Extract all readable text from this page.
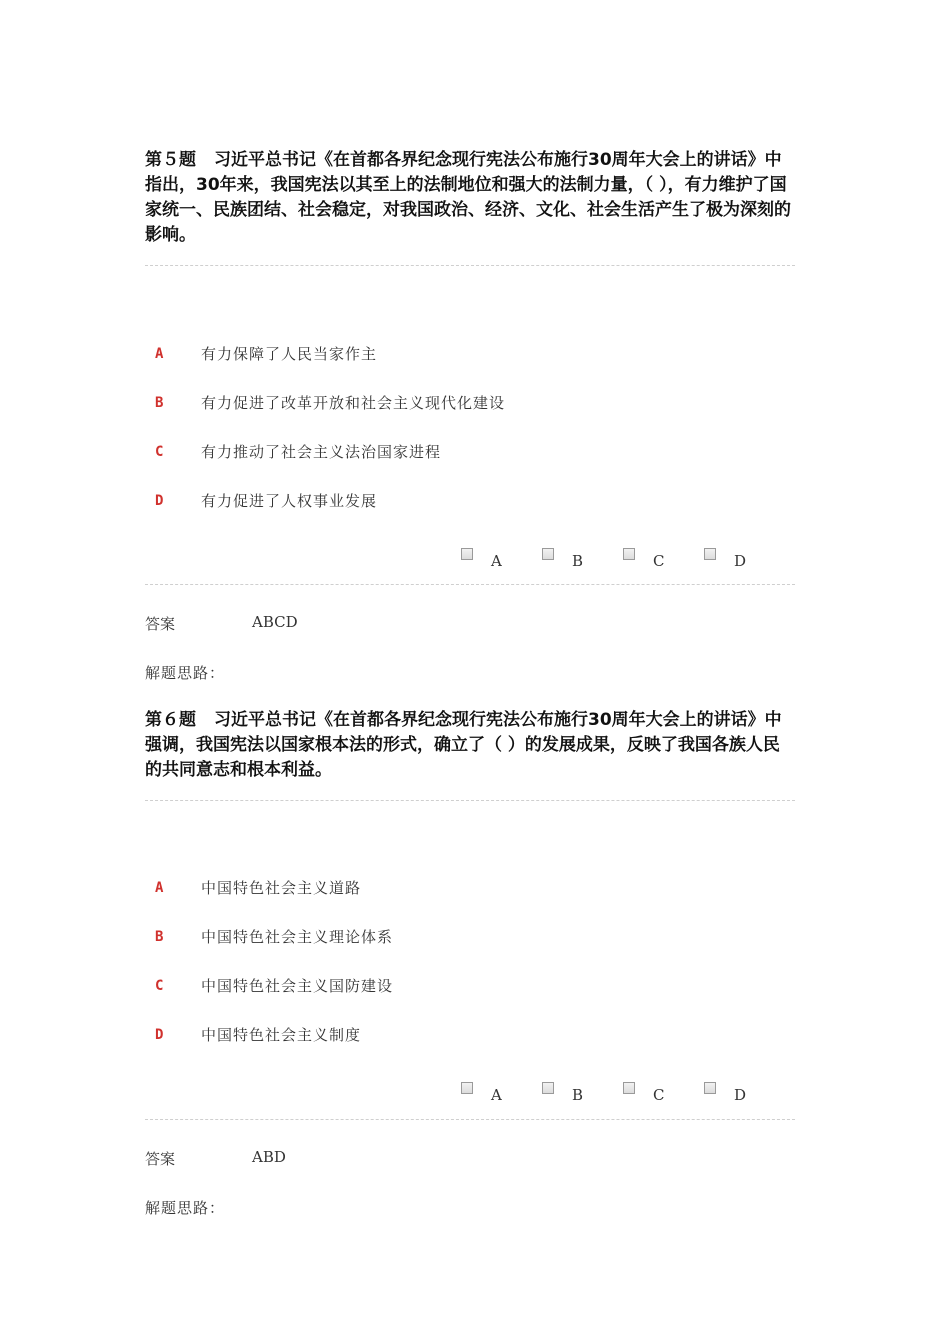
第５题 习近平总书记《在首都各界纪念现行宪法公布施行30周年大会上的讲话》中指出，30年来，我国宪法以其至上的法制地位和强大的法制力量，（ ），有力维护了国家统一、民族团结、社会稳定，对我国政治、经济、文化、社会生活产生了极为深刻的影响。

A	有力保障了人民当家作主
B	有力促进了改革开放和社会主义现代化建设
C	有力推动了社会主义法治国家进程
D	有力促进了人权事业发展
A	B	C	D
答案	ABCD
解题思路：

第６题 习近平总书记《在首都各界纪念现行宪法公布施行30周年大会上的讲话》中强调，我国宪法以国家根本法的形式，确立了（ ）的发展成果，反映了我国各族人民的共同意志和根本利益。

A	中国特色社会主义道路
B	中国特色社会主义理论体系
C	中国特色社会主义国防建设
D	中国特色社会主义制度
A	B	C	D
答案	ABD
解题思路：
